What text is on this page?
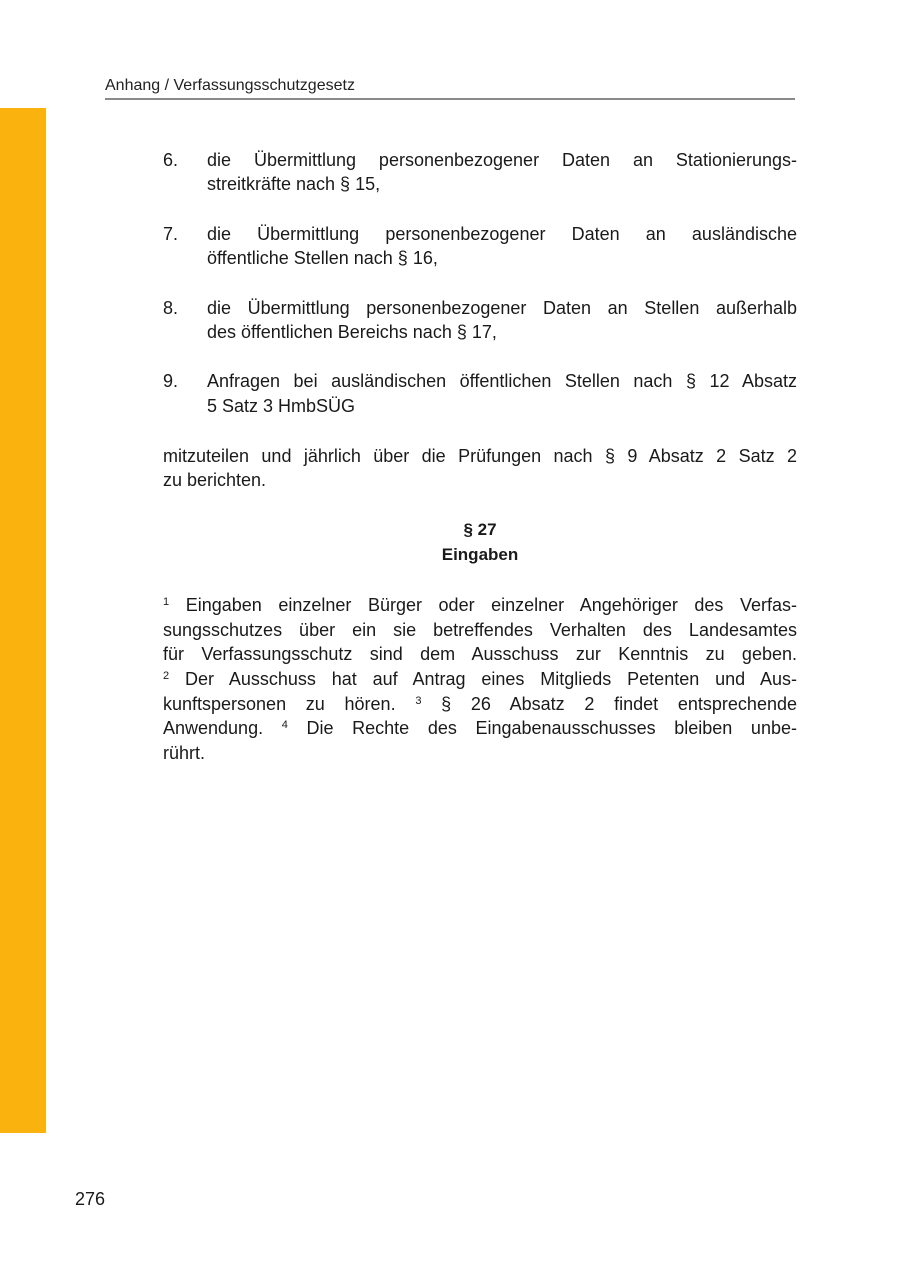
Anhang / Verfassungsschutzgesetz
6. die Übermittlung personenbezogener Daten an Stationierungs-
streitkräfte nach § 15,
7. die Übermittlung personenbezogener Daten an ausländische
öffentliche Stellen nach § 16,
8. die Übermittlung personenbezogener Daten an Stellen außerhalb
des öffentlichen Bereichs nach § 17,
9. Anfragen bei ausländischen öffentlichen Stellen nach § 12 Absatz
5 Satz 3 HmbSÜG
mitzuteilen und jährlich über die Prüfungen nach § 9 Absatz 2 Satz 2
zu berichten.
§ 27
Eingaben
$^1$ Eingaben einzelner Bürger oder einzelner Angehöriger des Verfas-
sungsschutzes über ein sie betreffendes Verhalten des Landesamtes
für Verfassungsschutz sind dem Ausschuss zur Kenntnis zu geben.
$^2$ Der Ausschuss hat auf Antrag eines Mitglieds Petenten und Aus-
kunftspersonen zu hören. $^3$ § 26 Absatz 2 findet entsprechende
Anwendung. $^4$ Die Rechte des Eingabenausschusses bleiben unbe-
rührt.
276
